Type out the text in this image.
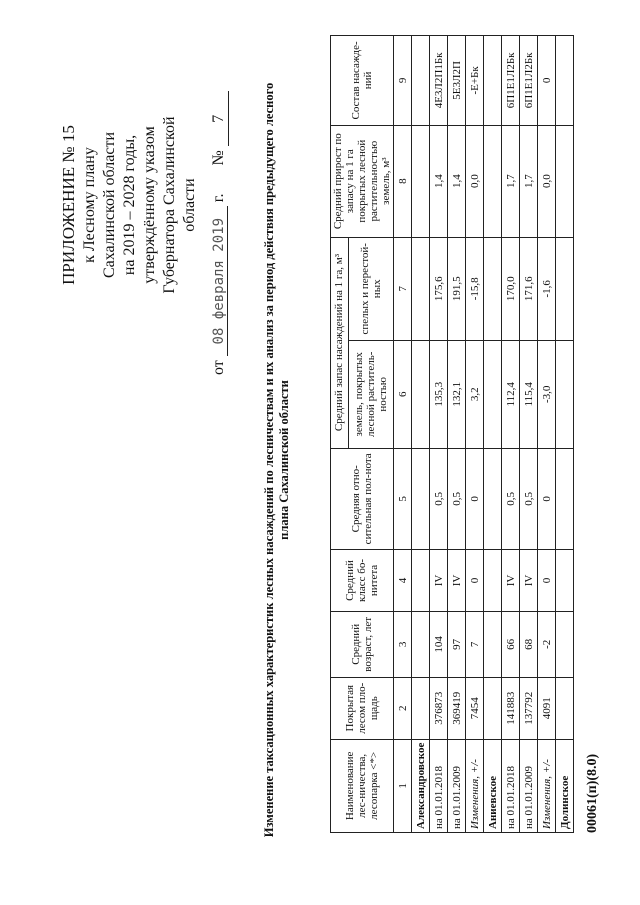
ПРИЛОЖЕНИЕ № 15 к Лесному плану Сахалинской области на 2019 – 2028 годы, утверждённому указом Губернатора Сахалинской области
от 08 февраля 2019 г.       № 7	Изменение таксационных характеристик лесных насаждений по лесничествам и их анализ за период действия предыдущего лесного плана Сахалинской области
Наименование лес-ничества, лесопарка <*>	Покрытая лесом пло-щадь	Средний возраст, лет	Средний класс бо-нитета	Средняя отно-сительная пол-нота	Средний запас насаждений на 1 га, м³		Средний прирост по запасу на 1 га покрытых лесной растительностью земель, м³	Состав насажде-ний
					земель, покрытых лесной раститель-ностью	спелых и перестой-ных		
1	2	3	4	5	6	7	8	9
Александровское								
на 01.01.2018	376873	104	IV	0,5	135,3	175,6	1,4	4Е3Л2П1Бк
на 01.01.2009	369419	97	IV	0,5	132,1	191,5	1,4	5Е3Л2П
Изменения, +/-	7454	7	0	0	3,2	-15,8	0,0	-Е+Бк
Аниевское								
на 01.01.2018	141883	66	IV	0,5	112,4	170,0	1,7	6П1Е1Л2Бк
на 01.01.2009	137792	68	IV	0,5	115,4	171,6	1,7	6П1Е1Л2Бк
Изменения, +/-	4091	-2	0	0	-3,0	-1,6	0,0	0
Долинское								00061(п)(8.0)
